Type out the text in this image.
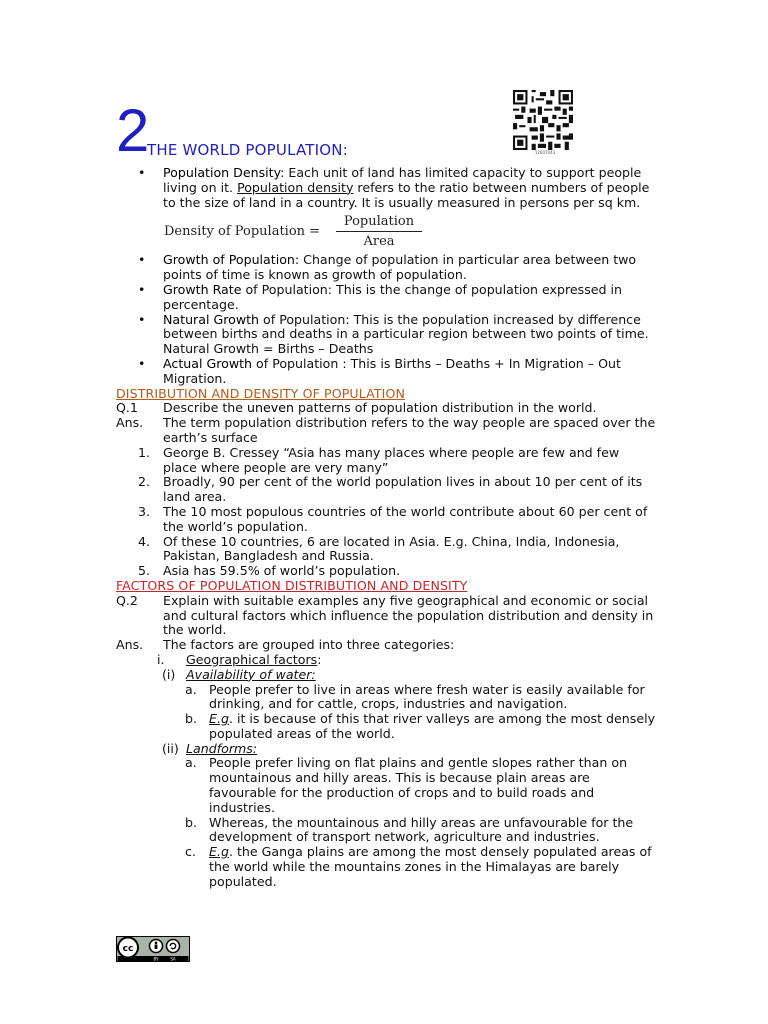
2
THE WORLD POPULATION:	12607043
• Population Density: Each unit of land has limited capacity to support people living on it. Population density refers to the ratio between numbers of people to the size of land in a country. It is usually measured in persons per sq km.
Density of Population =
Population
Area
• Growth of Population: Change of population in particular area between two points of time is known as growth of population.
• Growth Rate of Population: This is the change of population expressed in percentage.
• Natural Growth of Population: This is the population increased by difference between births and deaths in a particular region between two points of time. Natural Growth = Births – Deaths
• Actual Growth of Population : This is Births – Deaths + In Migration – Out Migration.
DISTRIBUTION AND DENSITY OF POPULATION
Q.1 Describe the uneven patterns of population distribution in the world.
Ans. The term population distribution refers to the way people are spaced over the earth’s surface
1. George B. Cressey “Asia has many places where people are few and few place where people are very many”
2. Broadly, 90 per cent of the world population lives in about 10 per cent of its land area.
3. The 10 most populous countries of the world contribute about 60 per cent of the world’s population.
4. Of these 10 countries, 6 are located in Asia. E.g. China, India, Indonesia, Pakistan, Bangladesh and Russia.
5. Asia has 59.5% of world’s population.
FACTORS OF POPULATION DISTRIBUTION AND DENSITY
Q.2 Explain with suitable examples any five geographical and economic or social and cultural factors which influence the population distribution and density in the world.
Ans. The factors are grouped into three categories:
i. Geographical factors:
(i) Availability of water:
a. People prefer to live in areas where fresh water is easily available for drinking, and for cattle, crops, industries and navigation.
b. E.g. it is because of this that river valleys are among the most densely populated areas of the world.
(ii) Landforms:
a. People prefer living on flat plains and gentle slopes rather than on mountainous and hilly areas. This is because plain areas are favourable for the production of crops and to build roads and industries.
b. Whereas, the mountainous and hilly areas are unfavourable for the development of transport network, agriculture and industries.
c. E.g. the Ganga plains are among the most densely populated areas of the world while the mountains zones in the Himalayas are barely populated.
cc
BY	SA
